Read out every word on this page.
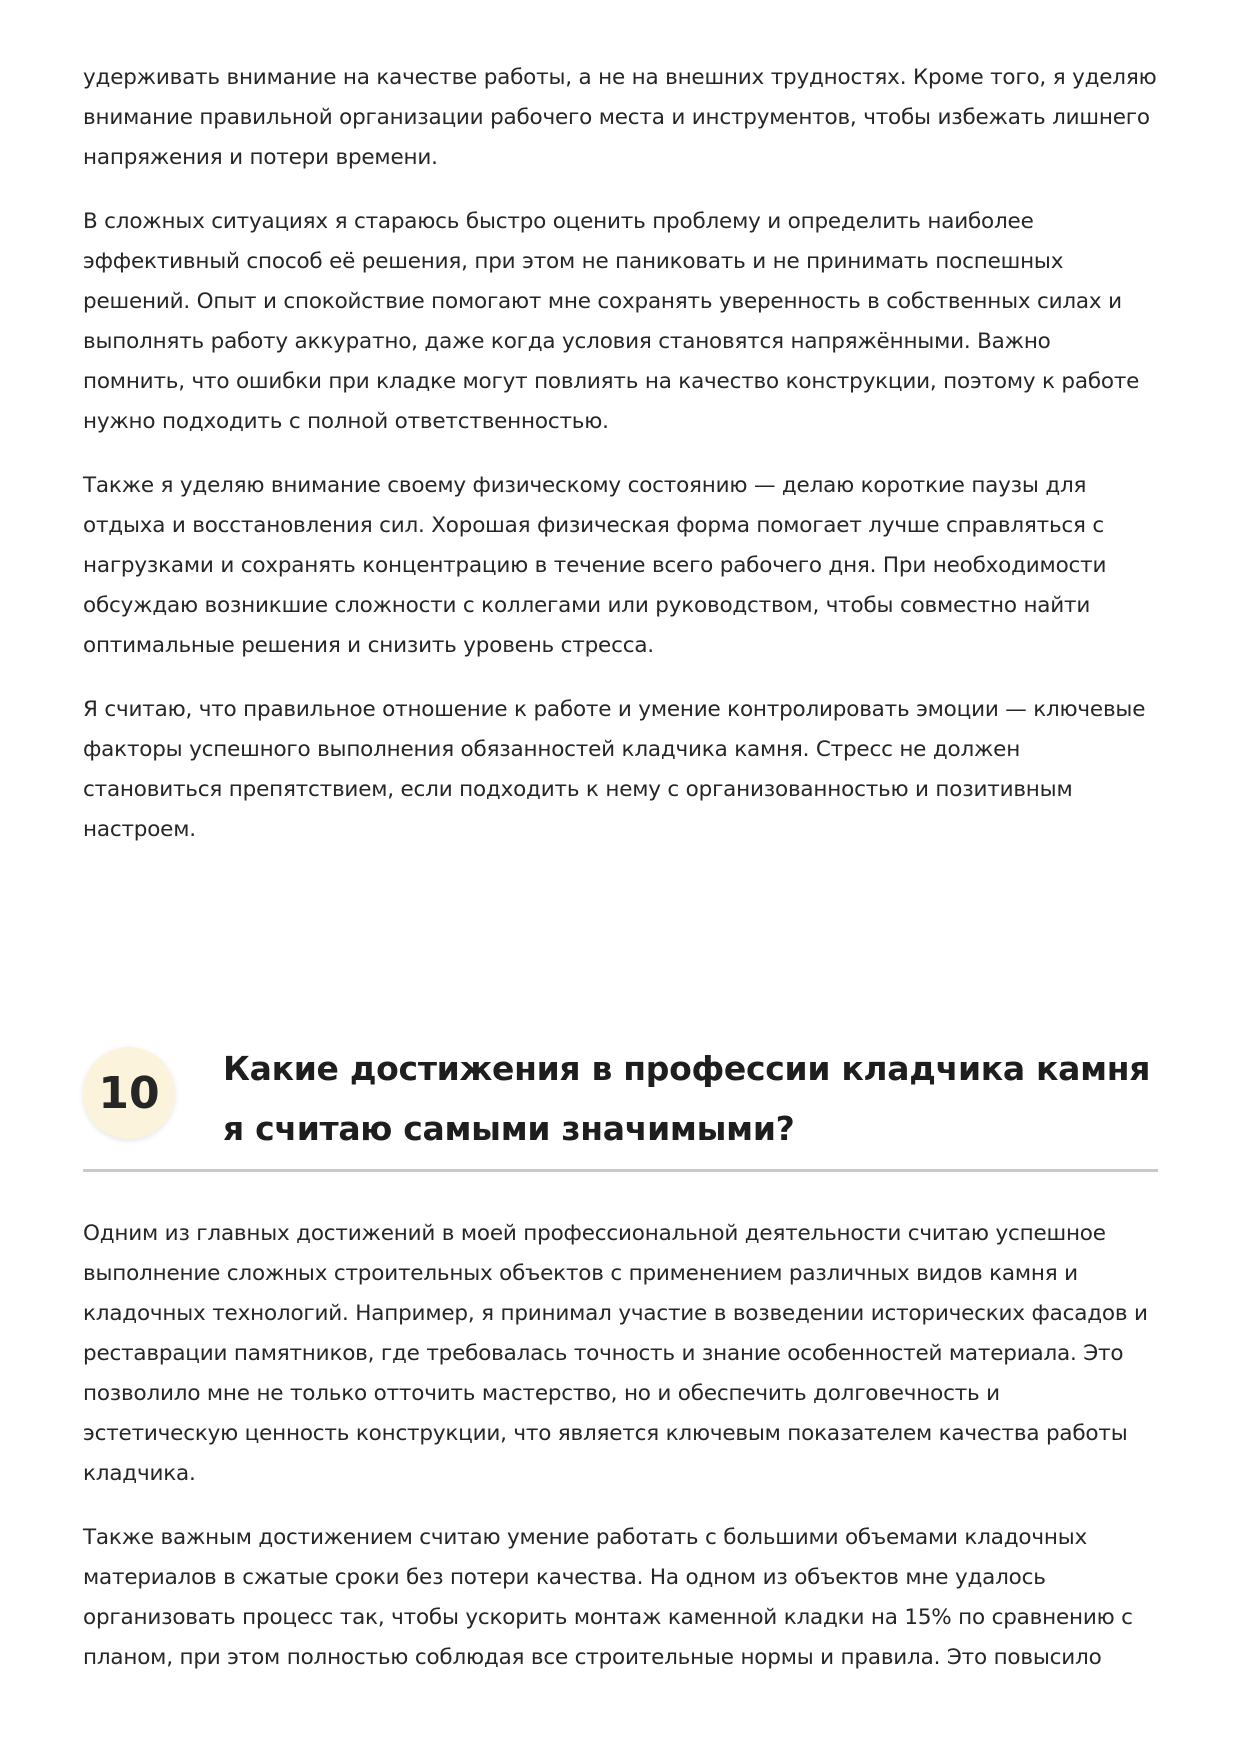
удерживать внимание на качестве работы, а не на внешних трудностях. Кроме того, я уделяю внимание правильной организации рабочего места и инструментов, чтобы избежать лишнего напряжения и потери времени.

В сложных ситуациях я стараюсь быстро оценить проблему и определить наиболее эффективный способ её решения, при этом не паниковать и не принимать поспешных решений. Опыт и спокойствие помогают мне сохранять уверенность в собственных силах и выполнять работу аккуратно, даже когда условия становятся напряжёнными. Важно помнить, что ошибки при кладке могут повлиять на качество конструкции, поэтому к работе нужно подходить с полной ответственностью.

Также я уделяю внимание своему физическому состоянию — делаю короткие паузы для отдыха и восстановления сил. Хорошая физическая форма помогает лучше справляться с нагрузками и сохранять концентрацию в течение всего рабочего дня. При необходимости обсуждаю возникшие сложности с коллегами или руководством, чтобы совместно найти оптимальные решения и снизить уровень стресса.

Я считаю, что правильное отношение к работе и умение контролировать эмоции — ключевые факторы успешного выполнения обязанностей кладчика камня. Стресс не должен становиться препятствием, если подходить к нему с организованностью и позитивным настроем.

10 Какие достижения в профессии кладчика камня я считаю самыми значимыми?

Одним из главных достижений в моей профессиональной деятельности считаю успешное выполнение сложных строительных объектов с применением различных видов камня и кладочных технологий. Например, я принимал участие в возведении исторических фасадов и реставрации памятников, где требовалась точность и знание особенностей материала. Это позволило мне не только отточить мастерство, но и обеспечить долговечность и эстетическую ценность конструкции, что является ключевым показателем качества работы кладчика.

Также важным достижением считаю умение работать с большими объемами кладочных материалов в сжатые сроки без потери качества. На одном из объектов мне удалось организовать процесс так, чтобы ускорить монтаж каменной кладки на 15% по сравнению с планом, при этом полностью соблюдая все строительные нормы и правила. Это повысило
